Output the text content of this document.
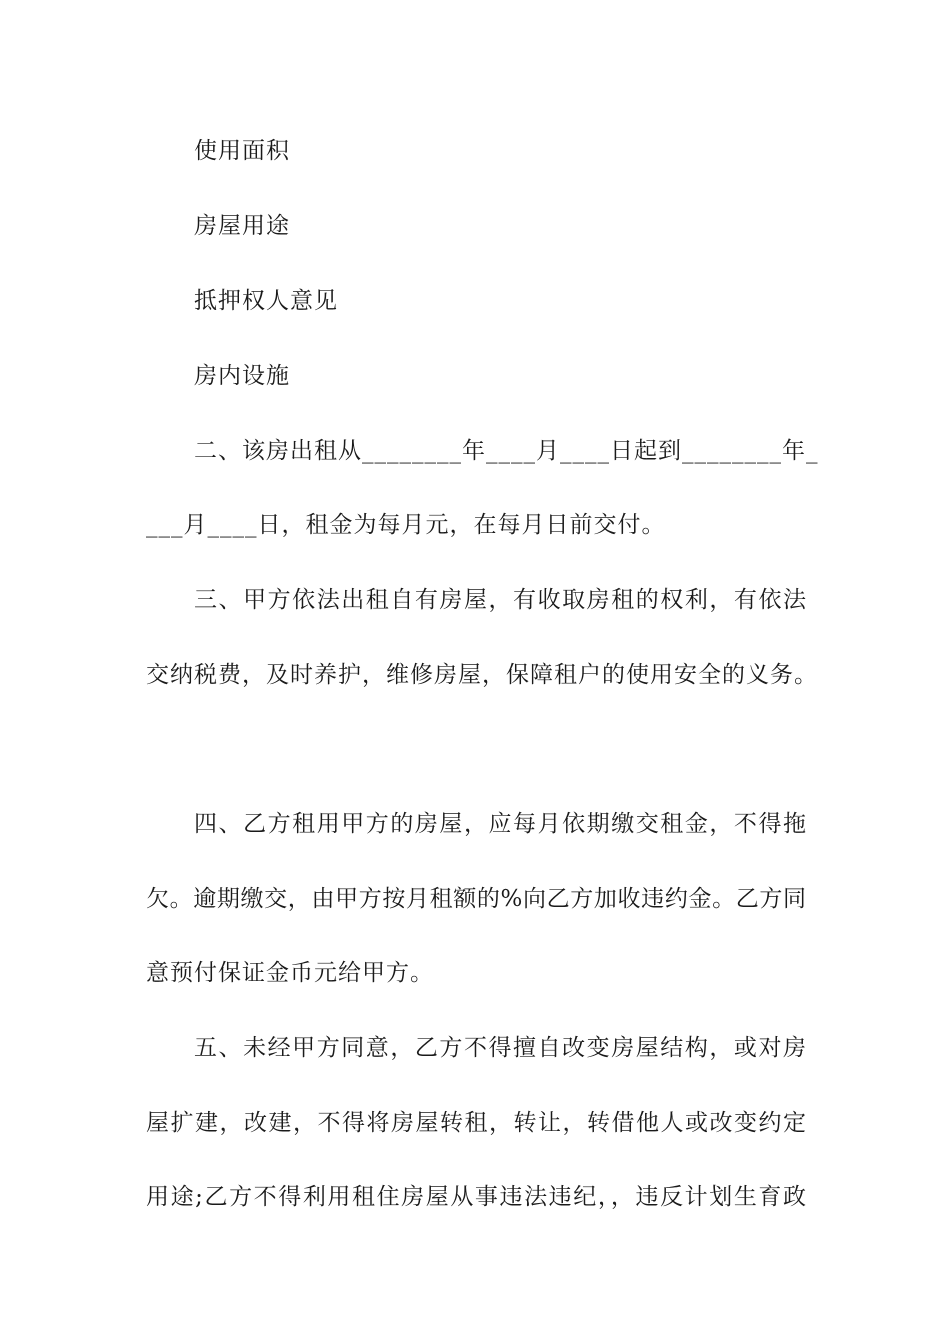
使用面积
房屋用途
抵押权人意见
房内设施
二、该房出租从________年____月____日起到________年_
___月____日，租金为每月元，在每月日前交付。
三、甲方依法出租自有房屋，有收取房租的权利，有依法
交纳税费，及时养护，维修房屋，保障租户的使用安全的义务。
四、乙方租用甲方的房屋，应每月依期缴交租金，不得拖
欠。逾期缴交，由甲方按月租额的%向乙方加收违约金。乙方同
意预付保证金币元给甲方。
五、未经甲方同意，乙方不得擅自改变房屋结构，或对房
屋扩建，改建，不得将房屋转租，转让，转借他人或改变约定
用途;乙方不得利用租住房屋从事违法违纪，，违反计划生育政
